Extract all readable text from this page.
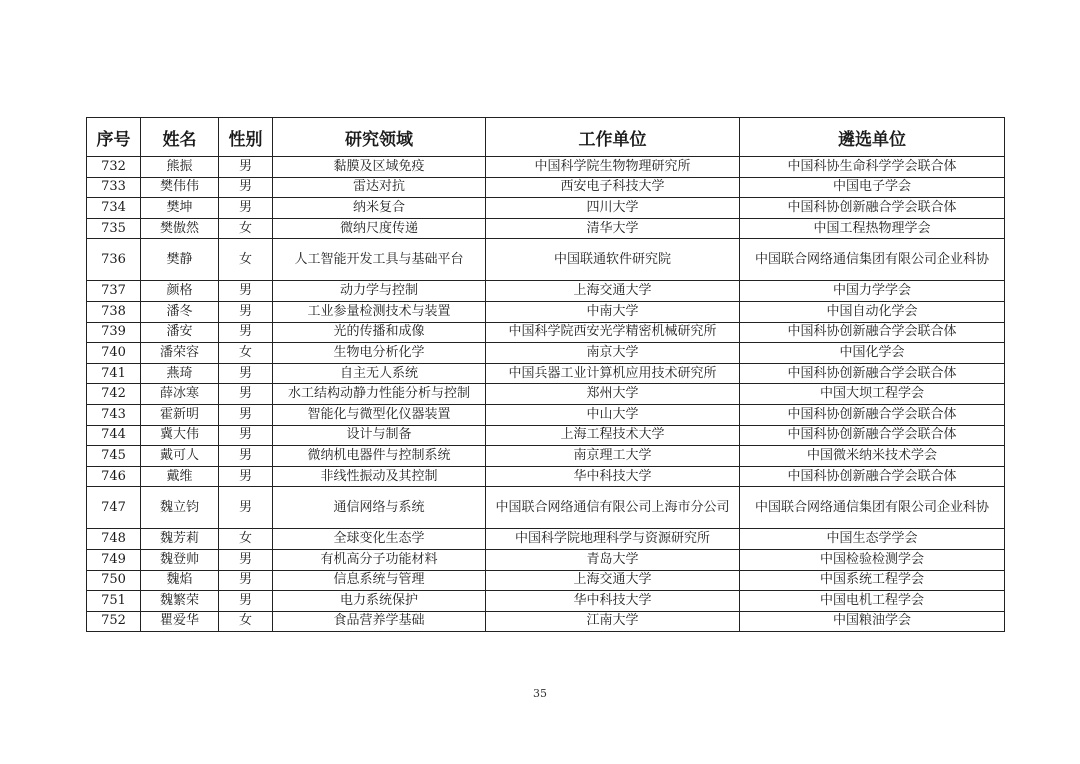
序号	姓名	性别	研究领域	工作单位	遴选单位
732	熊振	男	黏膜及区域免疫	中国科学院生物物理研究所	中国科协生命科学学会联合体
733	樊伟伟	男	雷达对抗	西安电子科技大学	中国电子学会
734	樊坤	男	纳米复合	四川大学	中国科协创新融合学会联合体
735	樊傲然	女	微纳尺度传递	清华大学	中国工程热物理学会
736	樊静	女	人工智能开发工具与基础平台	中国联通软件研究院	中国联合网络通信集团有限公司企业科协
737	颜格	男	动力学与控制	上海交通大学	中国力学学会
738	潘冬	男	工业参量检测技术与装置	中南大学	中国自动化学会
739	潘安	男	光的传播和成像	中国科学院西安光学精密机械研究所	中国科协创新融合学会联合体
740	潘荣容	女	生物电分析化学	南京大学	中国化学会
741	燕琦	男	自主无人系统	中国兵器工业计算机应用技术研究所	中国科协创新融合学会联合体
742	薛冰寒	男	水工结构动静力性能分析与控制	郑州大学	中国大坝工程学会
743	霍新明	男	智能化与微型化仪器装置	中山大学	中国科协创新融合学会联合体
744	冀大伟	男	设计与制备	上海工程技术大学	中国科协创新融合学会联合体
745	戴可人	男	微纳机电器件与控制系统	南京理工大学	中国微米纳米技术学会
746	戴维	男	非线性振动及其控制	华中科技大学	中国科协创新融合学会联合体
747	魏立钧	男	通信网络与系统	中国联合网络通信有限公司上海市分公司	中国联合网络通信集团有限公司企业科协
748	魏芳莉	女	全球变化生态学	中国科学院地理科学与资源研究所	中国生态学学会
749	魏登帅	男	有机高分子功能材料	青岛大学	中国检验检测学会
750	魏焰	男	信息系统与管理	上海交通大学	中国系统工程学会
751	魏繁荣	男	电力系统保护	华中科技大学	中国电机工程学会
752	瞿爱华	女	食品营养学基础	江南大学	中国粮油学会
35
